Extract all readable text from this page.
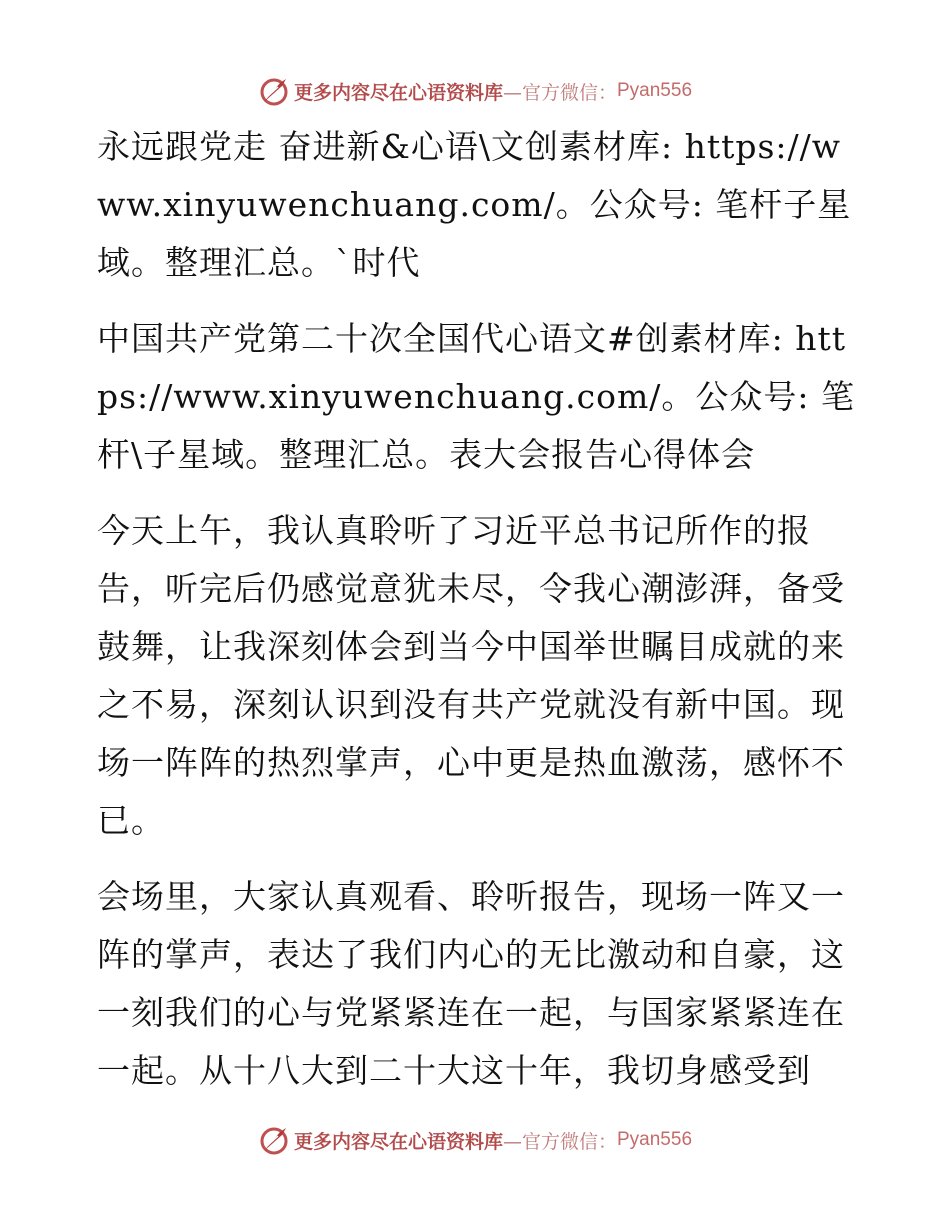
更多内容尽在心语资料库 —官方微信： Pyan556

永远跟党走 奋进新&心语\文创素材库: https://www.xinyuwenchuang.com/。公众号: 笔杆子星域。整理汇总。`时代

中国共产党第二十次全国代心语文#创素材库: https://www.xinyuwenchuang.com/。公众号: 笔杆\子星域。整理汇总。表大会报告心得体会

今天上午，我认真聆听了习近平总书记所作的报告，听完后仍感觉意犹未尽，令我心潮澎湃，备受鼓舞，让我深刻体会到当今中国举世瞩目成就的来之不易，深刻认识到没有共产党就没有新中国。现场一阵阵的热烈掌声，心中更是热血激荡，感怀不已。

会场里，大家认真观看、聆听报告，现场一阵又一阵的掌声，表达了我们内心的无比激动和自豪，这一刻我们的心与党紧紧连在一起，与国家紧紧连在一起。从十八大到二十大这十年，我切身感受到

更多内容尽在心语资料库 —官方微信： Pyan556
